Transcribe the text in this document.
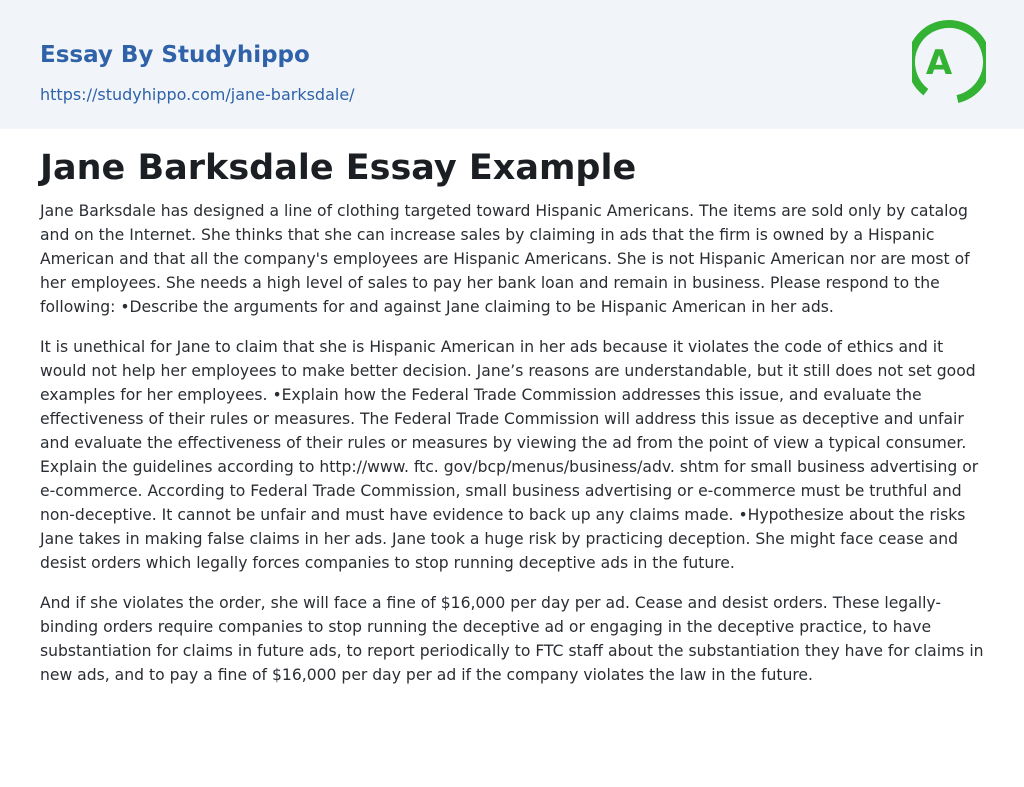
Essay By Studyhippo
https://studyhippo.com/jane-barksdale/
A
Jane Barksdale Essay Example

Jane Barksdale has designed a line of clothing targeted toward Hispanic Americans. The items are sold only by catalog and on the Internet. She thinks that she can increase sales by claiming in ads that the firm is owned by a Hispanic American and that all the company's employees are Hispanic Americans. She is not Hispanic American nor are most of her employees. She needs a high level of sales to pay her bank loan and remain in business. Please respond to the following: •Describe the arguments for and against Jane claiming to be Hispanic American in her ads.

It is unethical for Jane to claim that she is Hispanic American in her ads because it violates the code of ethics and it would not help her employees to make better decision. Jane’s reasons are understandable, but it still does not set good examples for her employees. •Explain how the Federal Trade Commission addresses this issue, and evaluate the effectiveness of their rules or measures. The Federal Trade Commission will address this issue as deceptive and unfair and evaluate the effectiveness of their rules or measures by viewing the ad from the point of view a typical consumer. Explain the guidelines according to http://www. ftc. gov/bcp/menus/business/adv. shtm for small business advertising or e-commerce. According to Federal Trade Commission, small business advertising or e-commerce must be truthful and non-deceptive. It cannot be unfair and must have evidence to back up any claims made. •Hypothesize about the risks Jane takes in making false claims in her ads. Jane took a huge risk by practicing deception. She might face cease and desist orders which legally forces companies to stop running deceptive ads in the future.

And if she violates the order, she will face a fine of $16,000 per day per ad. Cease and desist orders. These legally-binding orders require companies to stop running the deceptive ad or engaging in the deceptive practice, to have substantiation for claims in future ads, to report periodically to FTC staff about the substantiation they have for claims in new ads, and to pay a fine of $16,000 per day per ad if the company violates the law in the future.
